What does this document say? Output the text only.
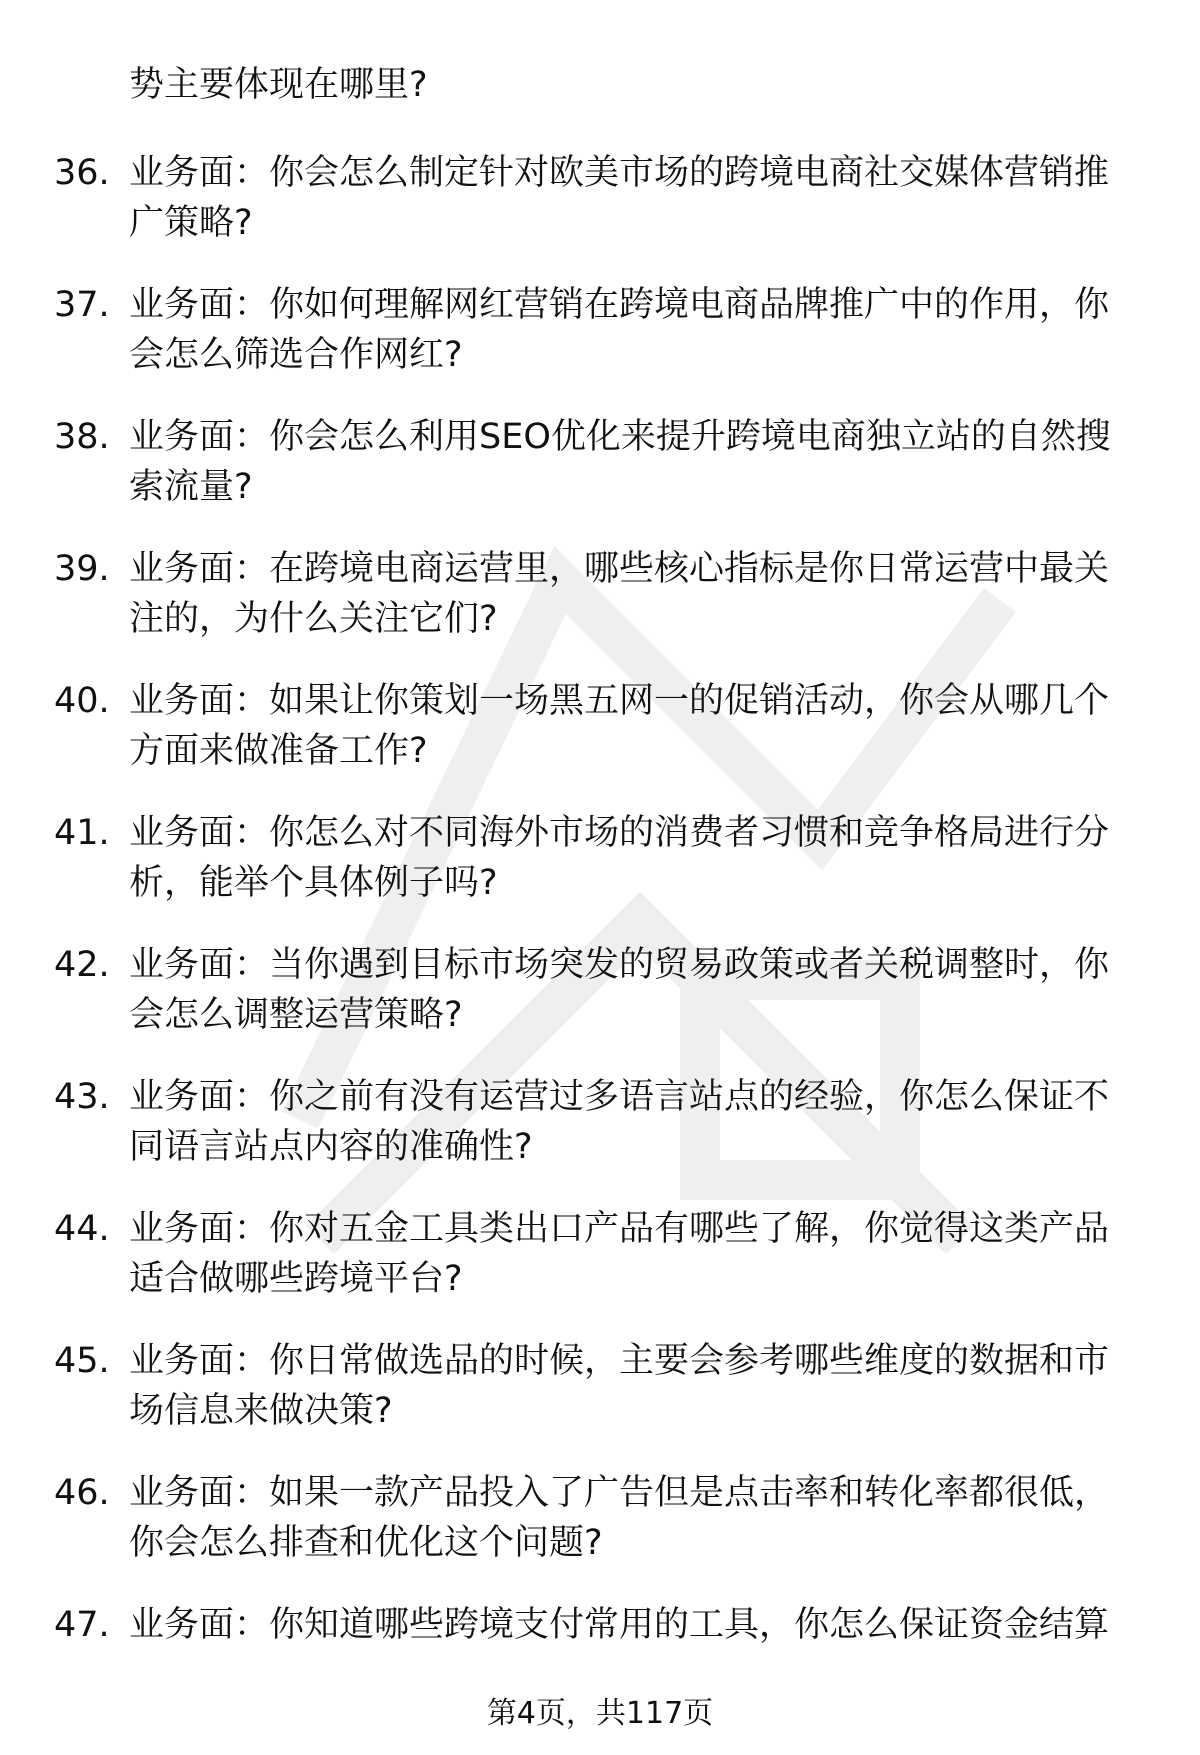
势主要体现在哪里?
36. 业务面：你会怎么制定针对欧美市场的跨境电商社交媒体营销推
广策略?
37. 业务面：你如何理解网红营销在跨境电商品牌推广中的作用，你
会怎么筛选合作网红?
38. 业务面：你会怎么利用SEO优化来提升跨境电商独立站的自然搜
索流量?
39. 业务面：在跨境电商运营里，哪些核心指标是你日常运营中最关
注的，为什么关注它们?
40. 业务面：如果让你策划一场黑五网一的促销活动，你会从哪几个
方面来做准备工作?
41. 业务面：你怎么对不同海外市场的消费者习惯和竞争格局进行分
析，能举个具体例子吗?
42. 业务面：当你遇到目标市场突发的贸易政策或者关税调整时，你
会怎么调整运营策略?
43. 业务面：你之前有没有运营过多语言站点的经验，你怎么保证不
同语言站点内容的准确性?
44. 业务面：你对五金工具类出口产品有哪些了解，你觉得这类产品
适合做哪些跨境平台?
45. 业务面：你日常做选品的时候，主要会参考哪些维度的数据和市
场信息来做决策?
46. 业务面：如果一款产品投入了广告但是点击率和转化率都很低，
你会怎么排查和优化这个问题?
47. 业务面：你知道哪些跨境支付常用的工具，你怎么保证资金结算
第4页，共117页
